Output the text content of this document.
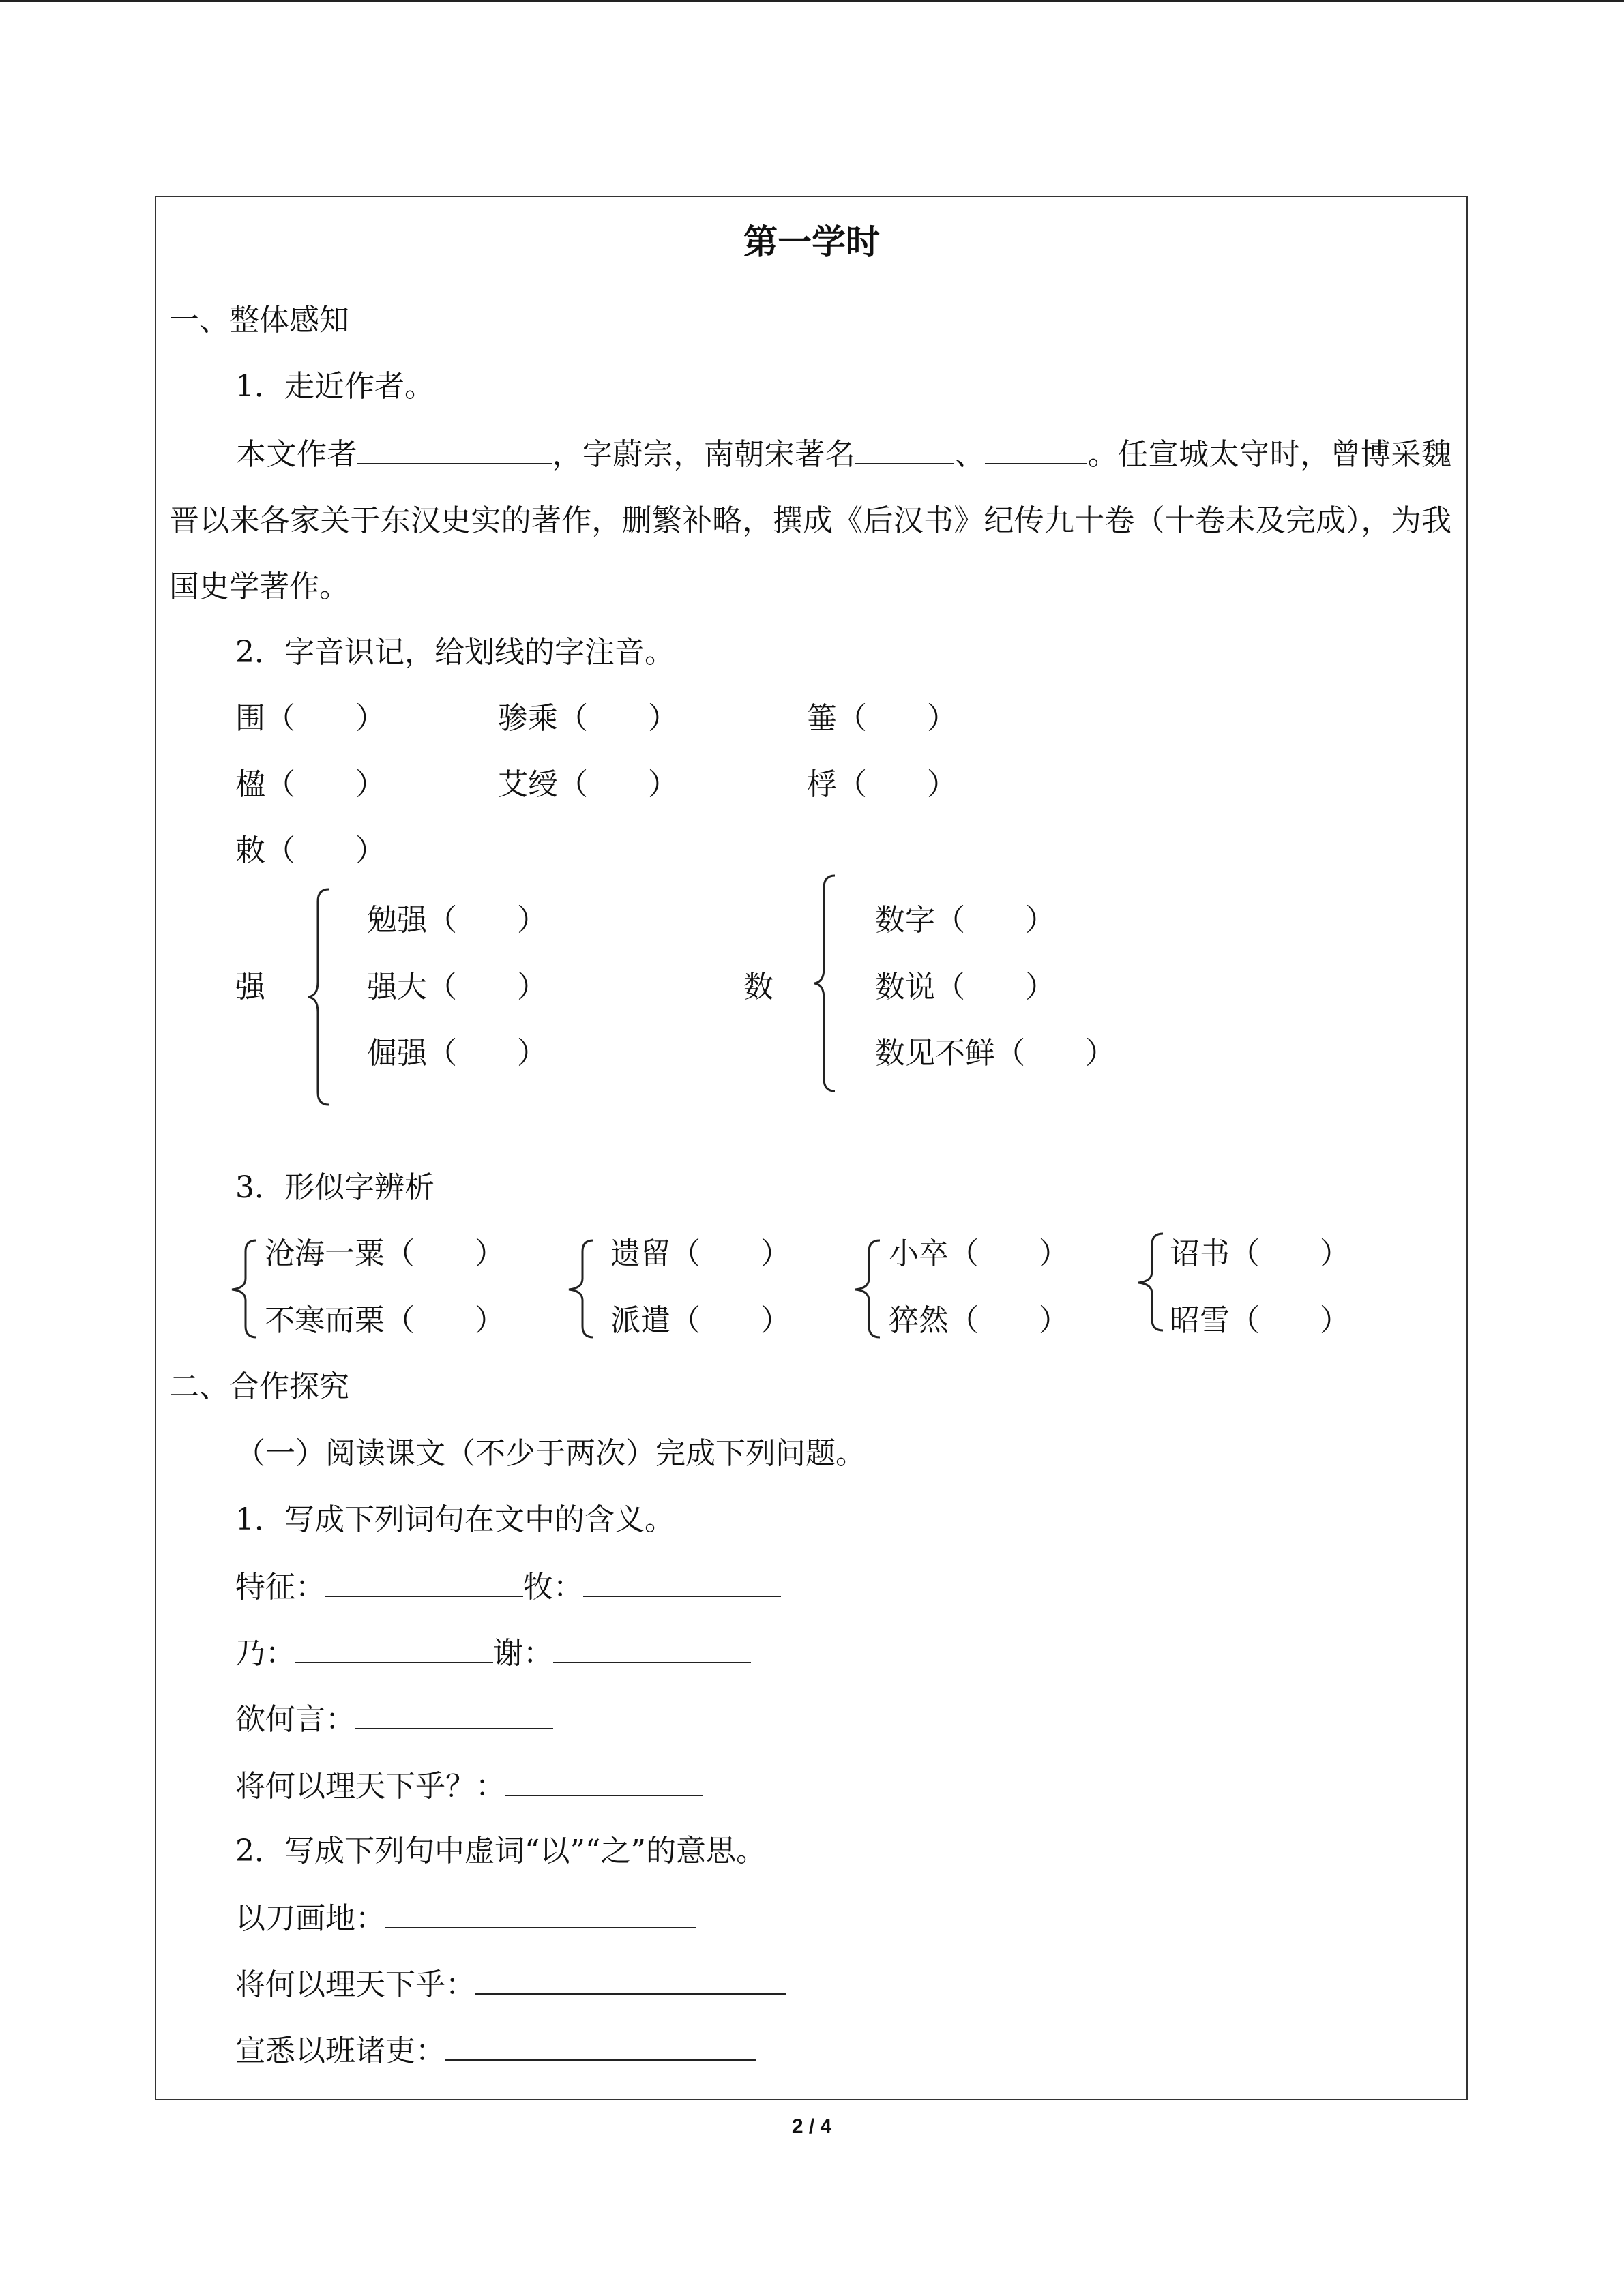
第一学时
一、整体感知
1．走近作者。
本文作者	，字蔚宗，南朝宋著名	、	。任宣城太守时，曾博采魏晋以来各家关于东汉史实的著作，删繁补略，撰成《后汉书》纪传九十卷（十卷未及完成），为我国史学著作。
2．字音识记，给划线的字注音。
围（　　）	骖乘（　　）	箠（　　）
楹（　　）	艾绶（　　）	桴（　　）
敕（　　）
强
勉强（　　）
强大（　　）
倔强（　　）
数
数字（　　）
数说（　　）
数见不鲜（　　）
3．形似字辨析
沧海一粟（　　）
不寒而栗（　　）
遗留（　　）
派遣（　　）
小卒（　　）
猝然（　　）
诏书（　　）
昭雪（　　）
二、合作探究
（一）阅读课文（不少于两次）完成下列问题。
1．写成下列词句在文中的含义。
特征：	牧：
乃：	谢：
欲何言：
将何以理天下乎？：
2．写成下列句中虚词“以”“之”的意思。
以刀画地：
将何以理天下乎：
宣悉以班诸吏：
2 / 4
